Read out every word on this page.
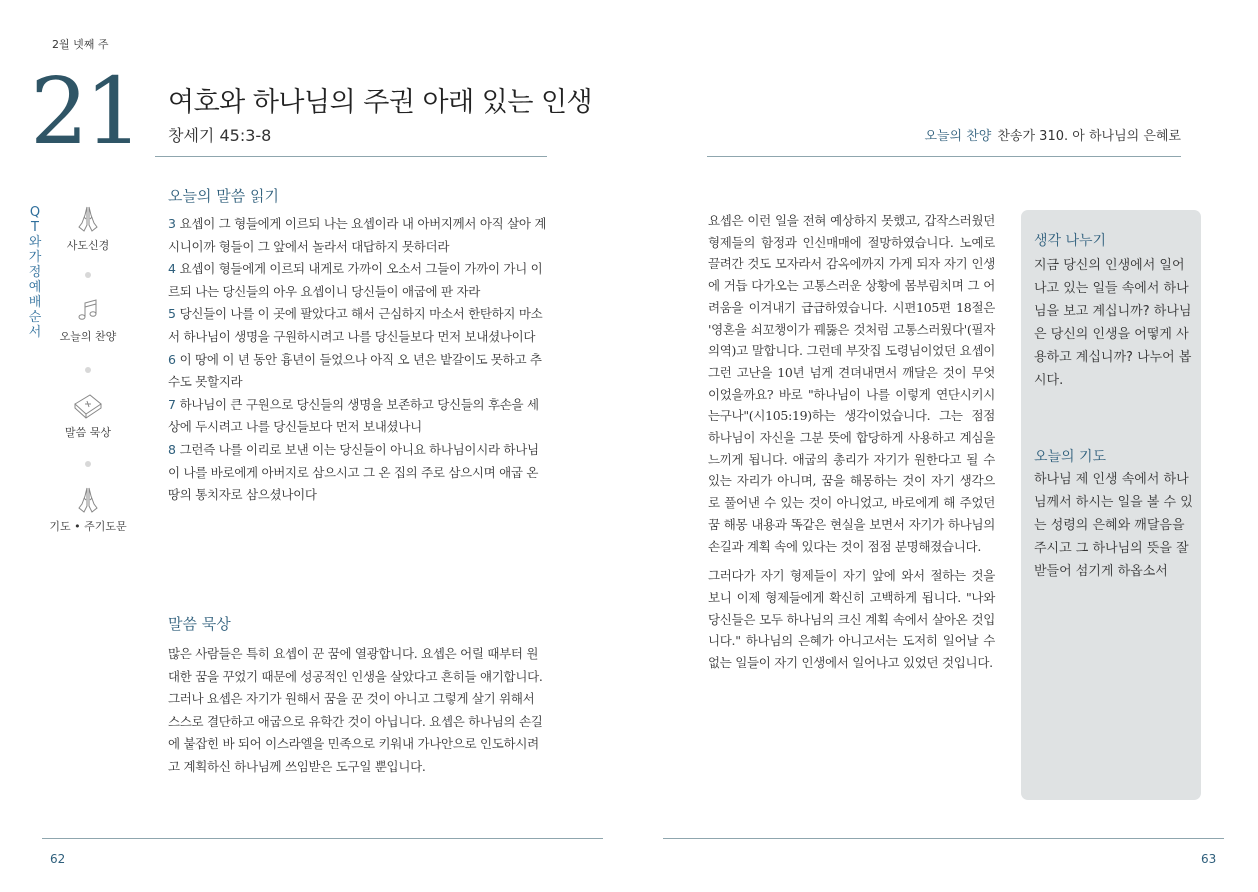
2월 넷째 주
21 여호와 하나님의 주권 아래 있는 인생
창세기 45:3-8	오늘의 찬양 찬송가 310. 아 하나님의 은혜로
QT와 가정예배 순서
사도신경
오늘의 찬양
말씀 묵상
기도 • 주기도문
오늘의 말씀 읽기

3 요셉이 그 형들에게 이르되 나는 요셉이라 내 아버지께서 아직 살아 계시니이까 형들이 그 앞에서 놀라서 대답하지 못하더라

4 요셉이 형들에게 이르되 내게로 가까이 오소서 그들이 가까이 가니 이르되 나는 당신들의 아우 요셉이니 당신들이 애굽에 판 자라

5 당신들이 나를 이 곳에 팔았다고 해서 근심하지 마소서 한탄하지 마소서 하나님이 생명을 구원하시려고 나를 당신들보다 먼저 보내셨나이다

6 이 땅에 이 년 동안 흉년이 들었으나 아직 오 년은 밭갈이도 못하고 추수도 못할지라

7 하나님이 큰 구원으로 당신들의 생명을 보존하고 당신들의 후손을 세상에 두시려고 나를 당신들보다 먼저 보내셨나니

8 그런즉 나를 이리로 보낸 이는 당신들이 아니요 하나님이시라 하나님이 나를 바로에게 아버지로 삼으시고 그 온 집의 주로 삼으시며 애굽 온 땅의 통치자로 삼으셨나이다

말씀 묵상

많은 사람들은 특히 요셉이 꾼 꿈에 열광합니다. 요셉은 어릴 때부터 원대한 꿈을 꾸었기 때문에 성공적인 인생을 살았다고 흔히들 얘기합니다. 그러나 요셉은 자기가 원해서 꿈을 꾼 것이 아니고 그렇게 살기 위해서 스스로 결단하고 애굽으로 유학간 것이 아닙니다. 요셉은 하나님의 손길에 붙잡힌 바 되어 이스라엘을 민족으로 키워내 가나안으로 인도하시려고 계획하신 하나님께 쓰임받은 도구일 뿐입니다.

요셉은 이런 일을 전혀 예상하지 못했고, 갑작스러웠던 형제들의 함정과 인신매매에 절망하였습니다. 노예로 끌려간 것도 모자라서 감옥에까지 가게 되자 자기 인생에 거듭 다가오는 고통스러운 상황에 몸부림치며 그 어려움을 이겨내기 급급하였습니다. 시편105편 18절은 '영혼을 쇠꼬챙이가 꿰뚫은 것처럼 고통스러웠다'(필자 의역)고 말합니다. 그런데 부잣집 도령님이었던 요셉이 그런 고난을 10년 넘게 견뎌내면서 깨달은 것이 무엇이었을까요? 바로 "하나님이 나를 이렇게 연단시키시는구나"(시105:19)하는 생각이었습니다. 그는 점점 하나님이 자신을 그분 뜻에 합당하게 사용하고 계심을 느끼게 됩니다. 애굽의 총리가 자기가 원한다고 될 수 있는 자리가 아니며, 꿈을 해몽하는 것이 자기 생각으로 풀어낸 수 있는 것이 아니었고, 바로에게 해 주었던 꿈 해몽 내용과 똑같은 현실을 보면서 자기가 하나님의 손길과 계획 속에 있다는 것이 점점 분명해졌습니다.

그러다가 자기 형제들이 자기 앞에 와서 절하는 것을 보니 이제 형제들에게 확신히 고백하게 됩니다. "나와 당신들은 모두 하나님의 크신 계획 속에서 살아온 것입니다." 하나님의 은혜가 아니고서는 도저히 일어날 수 없는 일들이 자기 인생에서 일어나고 있었던 것입니다.

생각 나누기
지금 당신의 인생에서 일어나고 있는 일들 속에서 하나님을 보고 계십니까? 하나님은 당신의 인생을 어떻게 사용하고 계십니까? 나누어 봅시다.
오늘의 기도
하나님 제 인생 속에서 하나님께서 하시는 일을 볼 수 있는 성령의 은혜와 깨달음을 주시고 그 하나님의 뜻을 잘 받들어 섬기게 하옵소서
62	63
